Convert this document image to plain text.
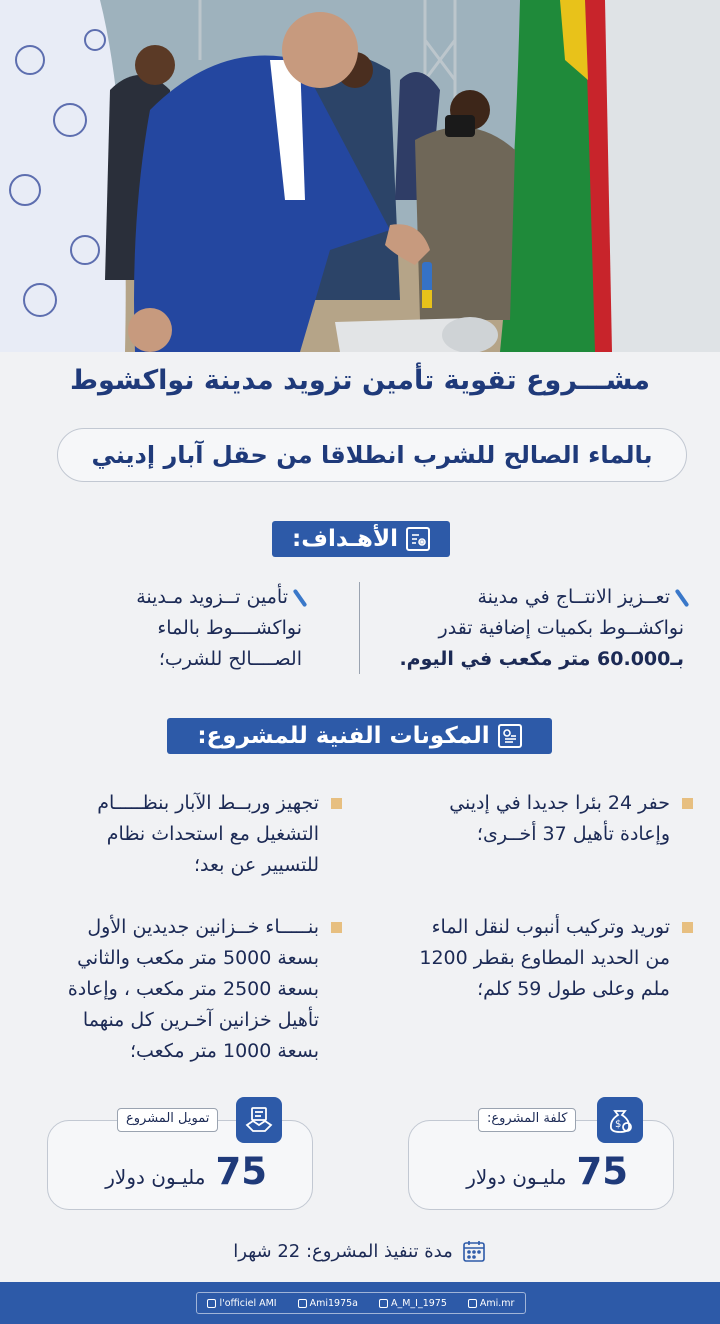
مشـــروع تقوية تأمين تزويد مدينة نواكشوط
بالماء الصالح للشرب انطلاقا من حقل آبار إديني
الأهـداف:
تعــزيز الانتــاج في مدينة
نواكشــوط بكميات إضافية تقدر
بـ60.000 متر مكعب في اليوم.
تأمين تــزويد مـدينة
نواكشــــوط بالماء
الصــــالح للشرب؛
المكونات الفنية للمشروع:
حفر 24 بئرا جديدا في إديني
وإعادة تأهيل 37 أخــرى؛
تجهيز وربــط الآبار بنظـــــام
التشغيل مع استحداث نظام
للتسيير عن بعد؛
توريد وتركيب أنبوب لنقل الماء
من الحديد المطاوع بقطر 1200
ملم وعلى طول 59 كلم؛
بنـــــاء خــزانين جديدين الأول
بسعة 5000 متر مكعب والثاني
بسعة 2500 متر مكعب ، وإعادة
تأهيل خزانين آخـرين كل منهما
بسعة 1000 متر مكعب؛
كلفة المشروع:	$
75
مليـون دولار
تمويل المشروع
75
مليـون دولار
مدة تنفيذ المشروع: 22 شهرا
l'officiel AMI	Ami1975a	A_M_I_1975	Ami.mr
